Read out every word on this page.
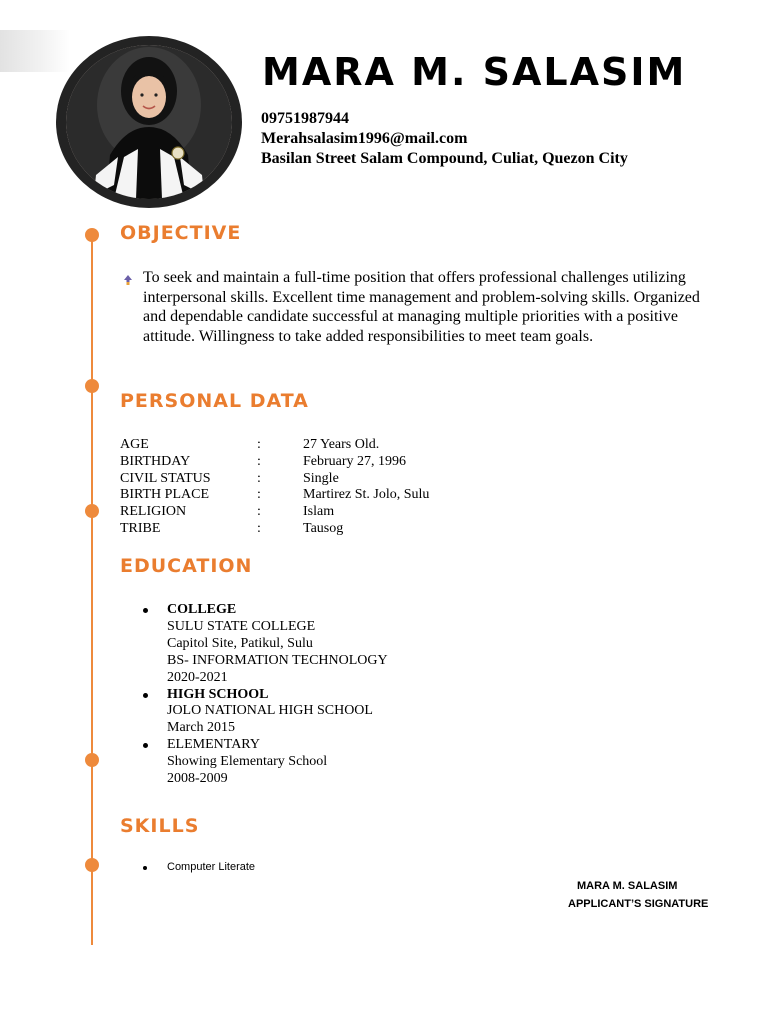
MARA M. SALASIM
09751987944
Merahsalasim1996@mail.com
Basilan Street Salam Compound, Culiat, Quezon City
OBJECTIVE
To seek and maintain a full-time position that offers professional challenges utilizing interpersonal skills. Excellent time management and problem-solving skills. Organized and dependable candidate successful at managing multiple priorities with a positive attitude. Willingness to take added responsibilities to meet team goals.
PERSONAL DATA
AGE	:	27 Years Old.
BIRTHDAY	:	February 27, 1996
CIVIL STATUS	:	Single
BIRTH PLACE	:	Martirez St. Jolo, Sulu
RELIGION	:	Islam
TRIBE	:	Tausog
EDUCATION
COLLEGE
SULU STATE COLLEGE
Capitol Site, Patikul, Sulu
BS- INFORMATION TECHNOLOGY
2020-2021
HIGH SCHOOL
JOLO NATIONAL HIGH SCHOOL
March 2015
ELEMENTARY
Showing Elementary School
2008-2009
SKILLS
Computer Literate
MARA M. SALASIM
APPLICANT’S SIGNATURE
